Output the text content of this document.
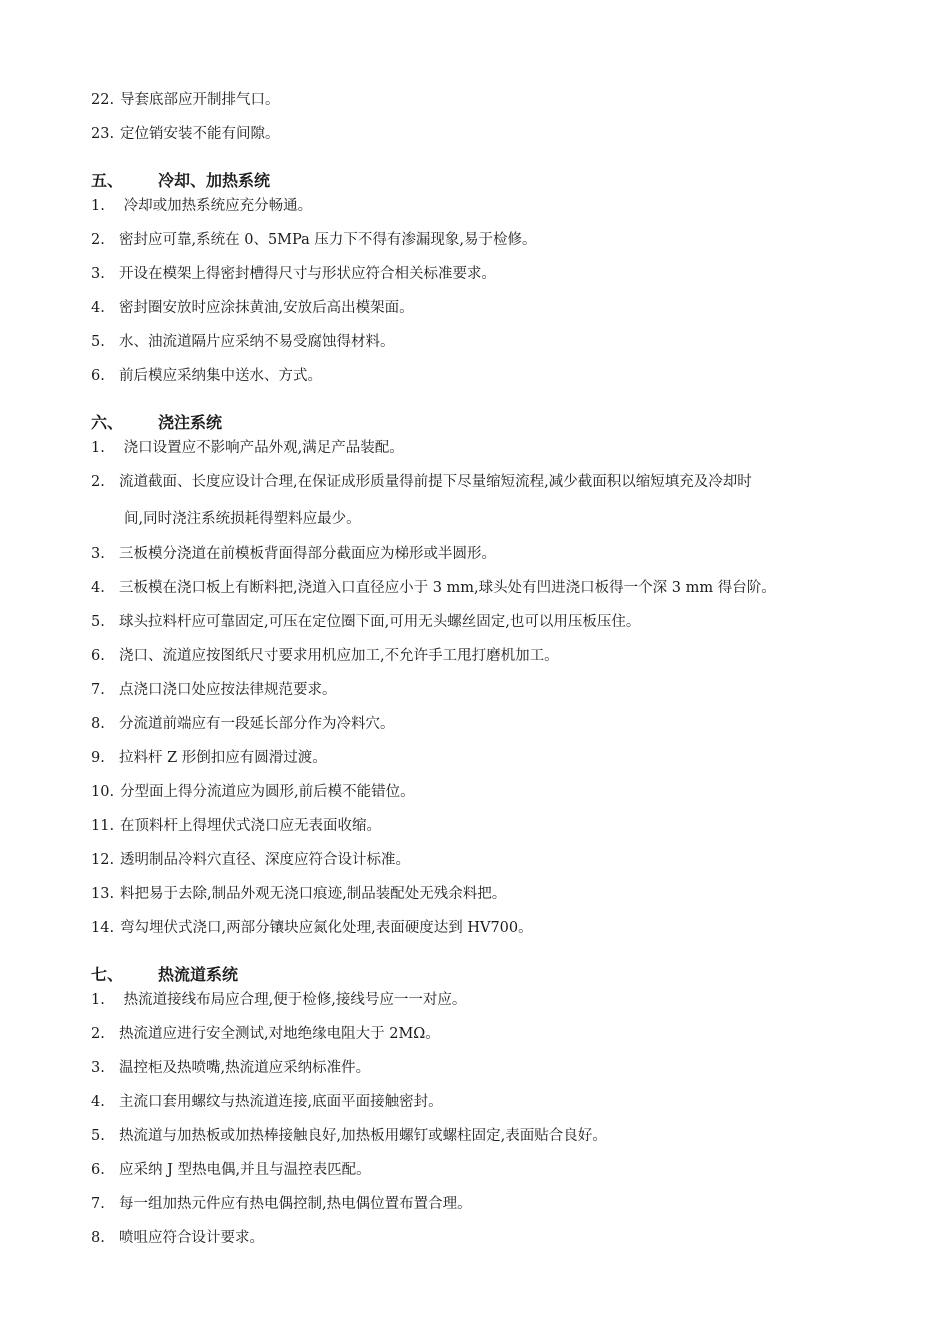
22. 导套底部应开制排气口。
23. 定位销安装不能有间隙。
五、 冷却、加热系统
1. 冷却或加热系统应充分畅通。
2. 密封应可靠,系统在 0、5MPa 压力下不得有渗漏现象,易于检修。
3. 开设在模架上得密封槽得尺寸与形状应符合相关标准要求。
4. 密封圈安放时应涂抹黄油,安放后高出模架面。
5. 水、油流道隔片应采纳不易受腐蚀得材料。
6. 前后模应采纳集中送水、方式。
六、 浇注系统
1. 浇口设置应不影响产品外观,满足产品装配。
2. 流道截面、长度应设计合理,在保证成形质量得前提下尽量缩短流程,减少截面积以缩短填充及冷却时
间,同时浇注系统损耗得塑料应最少。
3. 三板模分浇道在前模板背面得部分截面应为梯形或半圆形。
4. 三板模在浇口板上有断料把,浇道入口直径应小于 3 mm,球头处有凹进浇口板得一个深 3 mm 得台阶。
5. 球头拉料杆应可靠固定,可压在定位圈下面,可用无头螺丝固定,也可以用压板压住。
6. 浇口、流道应按图纸尺寸要求用机应加工,不允许手工甩打磨机加工。
7. 点浇口浇口处应按法律规范要求。
8. 分流道前端应有一段延长部分作为冷料穴。
9. 拉料杆 Z 形倒扣应有圆滑过渡。
10. 分型面上得分流道应为圆形,前后模不能错位。
11. 在顶料杆上得埋伏式浇口应无表面收缩。
12. 透明制品冷料穴直径、深度应符合设计标准。
13. 料把易于去除,制品外观无浇口痕迹,制品装配处无残余料把。
14. 弯勾埋伏式浇口,两部分镶块应氮化处理,表面硬度达到 HV700。
七、 热流道系统
1. 热流道接线布局应合理,便于检修,接线号应一一对应。
2. 热流道应进行安全测试,对地绝缘电阻大于 2MΩ。
3. 温控柜及热喷嘴,热流道应采纳标准件。
4. 主流口套用螺纹与热流道连接,底面平面接触密封。
5. 热流道与加热板或加热棒接触良好,加热板用螺钉或螺柱固定,表面贴合良好。
6. 应采纳 J 型热电偶,并且与温控表匹配。
7. 每一组加热元件应有热电偶控制,热电偶位置布置合理。
8. 喷咀应符合设计要求。
